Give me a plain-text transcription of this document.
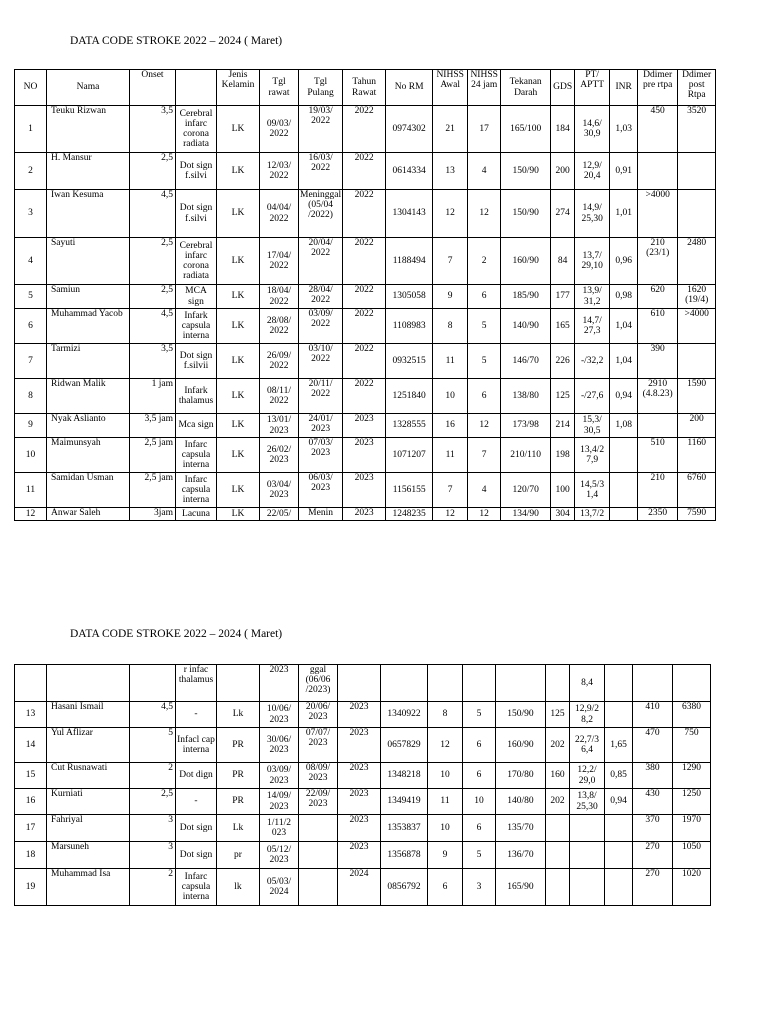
DATA CODE STROKE 2022 – 2024 ( Maret)
NO	Nama	Onset		Jenis Kelamin	Tgl rawat	Tgl Pulang	Tahun Rawat	No RM	NIHSS Awal	NIHSS 24 jam	Tekanan Darah	GDS	PT/ APTT	INR	Ddimer pre rtpa	Ddimer post Rtpa
1	Teuku Rizwan	3,5	Cerebral infarc corona radiata	LK	09/03/ 2022	19/03/ 2022	2022	0974302	21	17	165/100	184	14,6/ 30,9	1,03	450	3520
2	H. Mansur	2,5	Dot sign f.silvi	LK	12/03/ 2022	16/03/ 2022	2022	0614334	13	4	150/90	200	12,9/ 20,4	0,91		
3	Iwan Kesuma	4,5	Dot sign f.silvi	LK	04/04/ 2022	Meninggal (05/04 /2022)	2022	1304143	12	12	150/90	274	14,9/ 25,30	1,01	>4000	
4	Sayuti	2,5	Cerebral infarc corona radiata	LK	17/04/ 2022	20/04/ 2022	2022	1188494	7	2	160/90	84	13,7/ 29,10	0,96	210 (23/1)	2480
5	Samiun	2,5	MCA sign	LK	18/04/ 2022	28/04/ 2022	2022	1305058	9	6	185/90	177	13,9/ 31,2	0,98	620	1620 (19/4)
6	Muhammad Yacob	4,5	Infark capsula interna	LK	28/08/ 2022	03/09/ 2022	2022	1108983	8	5	140/90	165	14,7/ 27,3	1,04	610	>4000
7	Tarmizi	3,5	Dot sign f.silvii	LK	26/09/ 2022	03/10/ 2022	2022	0932515	11	5	146/70	226	-/32,2	1,04	390	
8	Ridwan Malik	1 jam	Infark thalamus	LK	08/11/ 2022	20/11/ 2022	2022	1251840	10	6	138/80	125	-/27,6	0,94	2910 (4.8.23)	1590
9	Nyak Aslianto	3,5 jam	Mca sign	LK	13/01/ 2023	24/01/ 2023	2023	1328555	16	12	173/98	214	15,3/ 30,5	1,08		200
10	Maimunsyah	2,5 jam	Infarc capsula interna	LK	26/02/ 2023	07/03/ 2023	2023	1071207	11	7	210/110	198	13,4/2 7,9		510	1160
11	Samidan Usman	2,5 jam	Infarc capsula interna	LK	03/04/ 2023	06/03/ 2023	2023	1156155	7	4	120/70	100	14,5/3 1,4		210	6760
12	Anwar Saleh	3jam	Lacuna	LK	22/05/	Menin	2023	1248235	12	12	134/90	304	13,7/2		2350	7590
DATA CODE STROKE 2022 – 2024 ( Maret)
			r infac thalamus		2023	ggal (06/06 /2023)							8,4			
13	Hasani Ismail	4,5	-	Lk	10/06/ 2023	20/06/ 2023	2023	1340922	8	5	150/90	125	12,9/2 8,2		410	6380
14	Yul Aflizar	5	Infacl cap interna	PR	30/06/ 2023	07/07/ 2023	2023	0657829	12	6	160/90	202	22,7/3 6,4	1,65	470	750
15	Cut Rusnawati	2	Dot dign	PR	03/09/ 2023	08/09/ 2023	2023	1348218	10	6	170/80	160	12,2/ 29,0	0,85	380	1290
16	Kurniati	2,5	-	PR	14/09/ 2023	22/09/ 2023	2023	1349419	11	10	140/80	202	13,8/ 25,30	0,94	430	1250
17	Fahriyal	3	Dot sign	Lk	1/11/2 023		2023	1353837	10	6	135/70				370	1970
18	Marsuneh	3	Dot sign	pr	05/12/ 2023		2023	1356878	9	5	136/70				270	1050
19	Muhammad Isa	2	Infarc capsula interna	lk	05/03/ 2024		2024	0856792	6	3	165/90				270	1020
